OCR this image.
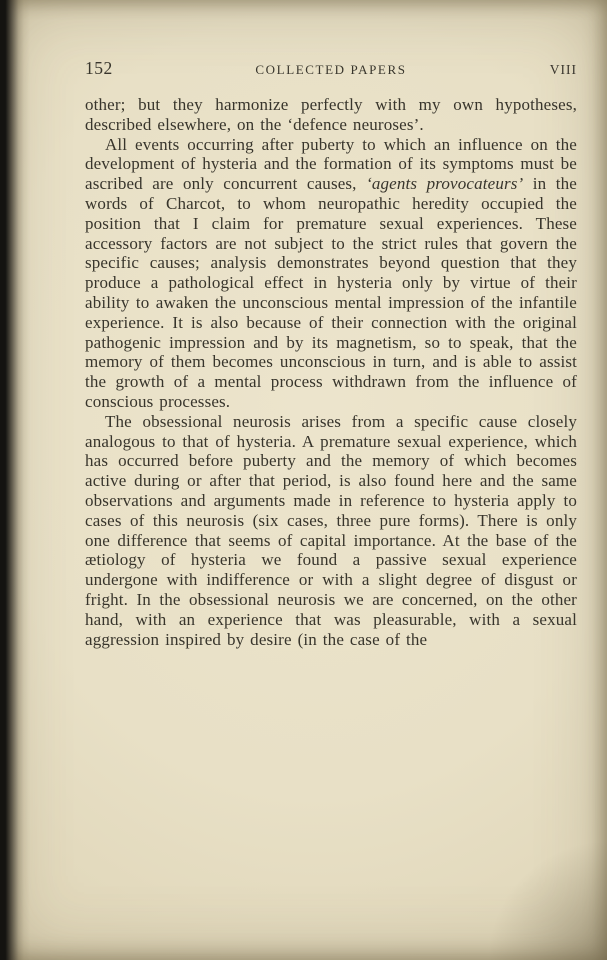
152	COLLECTED PAPERS	VIII

other; but they harmonize perfectly with my own hypotheses, described elsewhere, on the ‘defence neuroses’.

All events occurring after puberty to which an influence on the development of hysteria and the formation of its symptoms must be ascribed are only concurrent causes, ‘agents provocateurs’ in the words of Charcot, to whom neuropathic heredity occupied the position that I claim for premature sexual experiences. These accessory factors are not subject to the strict rules that govern the specific causes; analysis demonstrates beyond question that they produce a pathological effect in hysteria only by virtue of their ability to awaken the unconscious mental impression of the infantile experience. It is also because of their connection with the original pathogenic impression and by its magnetism, so to speak, that the memory of them becomes unconscious in turn, and is able to assist the growth of a mental process withdrawn from the influence of conscious processes.

The obsessional neurosis arises from a specific cause closely analogous to that of hysteria. A premature sexual experience, which has occurred before puberty and the memory of which becomes active during or after that period, is also found here and the same observations and arguments made in reference to hysteria apply to cases of this neurosis (six cases, three pure forms). There is only one difference that seems of capital importance. At the base of the ætiology of hysteria we found a passive sexual experience undergone with indifference or with a slight degree of disgust or fright. In the obsessional neurosis we are concerned, on the other hand, with an experience that was pleasurable, with a sexual aggression inspired by desire (in the case of the
